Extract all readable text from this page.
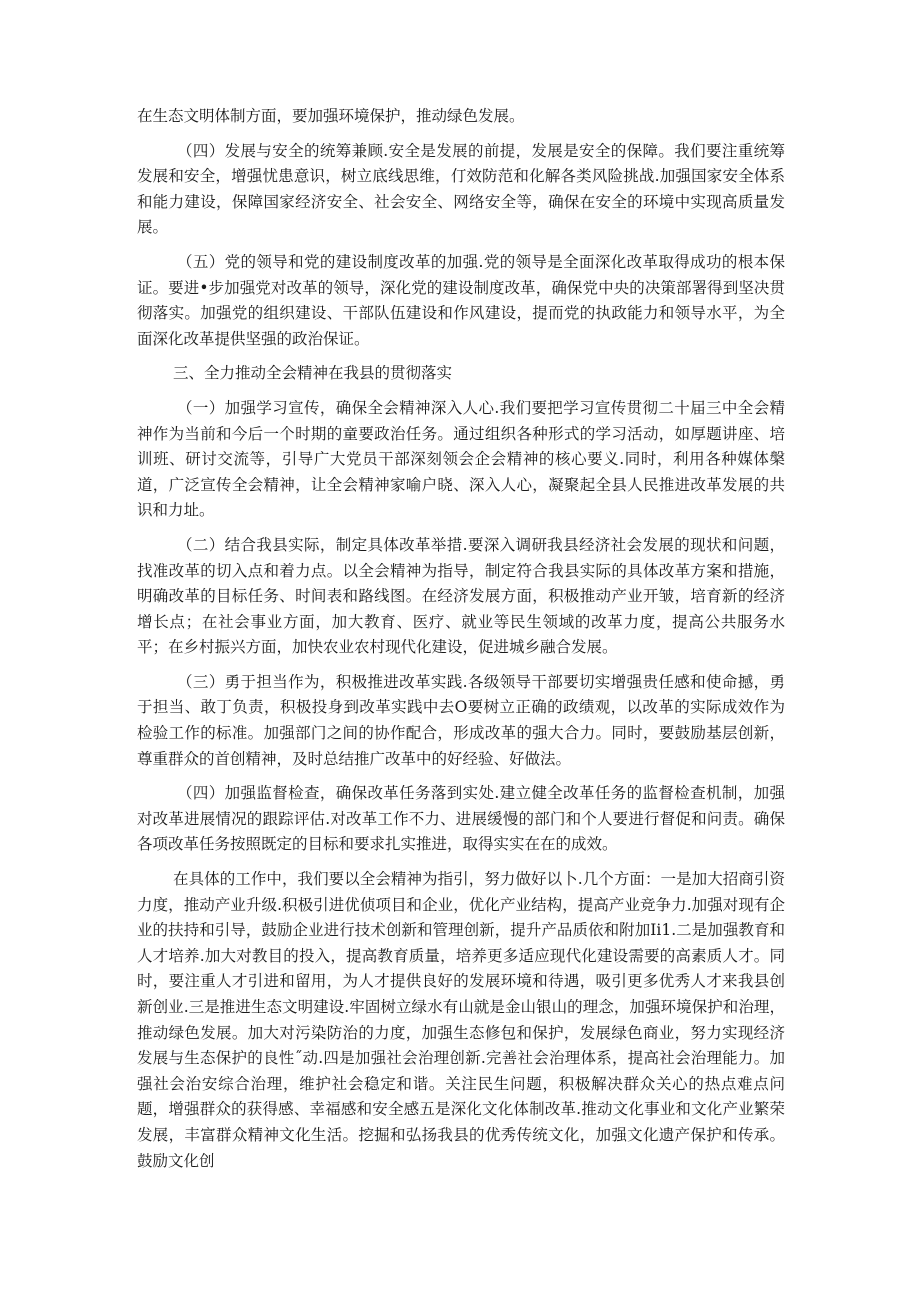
在生态文明体制方面，要加强环境保护，推动绿色发展。

（四）发展与安全的统筹兼顾.安全是发展的前提，发展是安全的保障。我们要注重统筹发展和安全，增强忧患意识，树立底线思维，仃效防范和化解各类风险挑战.加强国家安全体系和能力建设，保障国家经济安全、社会安全、网络安全等，确保在安全的环境中实现高质量发展。

（五）党的领导和党的建设制度改革的加强.党的领导是全面深化改革取得成功的根本保证。要进•步加强党对改革的领导，深化党的建设制度改革，确保党中央的决策部署得到坚决贯彻落实。加强党的组织建设、干部队伍建设和作风建设，提而党的执政能力和领导水平，为全面深化改革提供坚强的政治保证。

三、全力推动全会精神在我县的贯彻落实

（一）加强学习宣传，确保全会精神深入人心.我们要把学习宣传贯彻二十届三中全会精神作为当前和今后一个时期的童要政治任务。通过组织各种形式的学习活动，如厚题讲座、培训班、研讨交流等，引导广大党员干部深刻领会企会精神的核心要义.同时，利用各种媒体槃道，广泛宣传全会精神，让全会精神家喻户晓、深入人心，凝聚起全县人民推进改革发展的共识和力址。

（二）结合我县实际，制定具体改革举措.要深入调研我县经济社会发展的现状和问题，找准改革的切入点和着力点。以全会精神为指导，制定符合我县实际的具体改革方案和措施，明确改革的目标任务、时间表和路线图。在经济发展方面，积极推动产业开皱，培育新的经济增长点；在社会事业方面，加大教育、医疗、就业等民生领域的改革力度，提高公共服务水平；在乡村振兴方面，加快农业农村现代化建设，促进城乡融合发展。

（三）勇于担当作为，积极推进改革实践.各级领导干部要切实增强贵任感和使命撼，勇于担当、敢丁负责，积极投身到改革实践中去O要树立正确的政绩观，以改革的实际成效作为检验工作的标准。加强部门之间的协作配合，形成改革的强大合力。同时，要鼓励基层创新，尊重群众的首创精神，及时总结推广改革中的好经验、好做法。

（四）加强监督检查，确保改革任务落到实处.建立健全改革任务的监督检查机制，加强对改革进展情况的跟踪评估.对改革工作不力、进展缓慢的部门和个人要进行督促和问责。确保各项改革任务按照既定的目标和要求扎实推进，取得实实在在的成效。

在具体的工作中，我们要以全会精神为指引，努力做好以卜.几个方面：一是加大招商引资力度，推动产业升级.积极引进优侦项目和企业，优化产业结构，提高产业竞争力.加强对现有企业的扶持和引导，鼓励企业进行技术创新和管理创新，提升产品质依和附加Ii1.二是加强教育和人才培养.加大对教目的投入，提高教育质量，培养更多适应现代化建设需要的高素质人才。同时，要注重人才引进和留用，为人才提供良好的发展环境和待遇，吸引更多优秀人才来我县创新创业.三是推进生态文明建设.牢固树立绿水有山就是金山银山的理念，加强环境保护和治理，推动绿色发展。加大对污染防治的力度，加强生态修包和保护，发展绿色商业，努力实现经济发展与生态保护的良性˝动.四是加强社会治理创新.完善社会治理体系，提高社会治理能力。加强社会治安综合治理，维护社会稳定和谐。关注民生问题，积极解决群众关心的热点难点问题，增强群众的获得感、幸福感和安全感五是深化文化体制改革.推动文化事业和文化产业繁荣发展，丰富群众精神文化生活。挖掘和弘扬我县的优秀传统文化，加强文化遗产保护和传承。鼓励文化创
